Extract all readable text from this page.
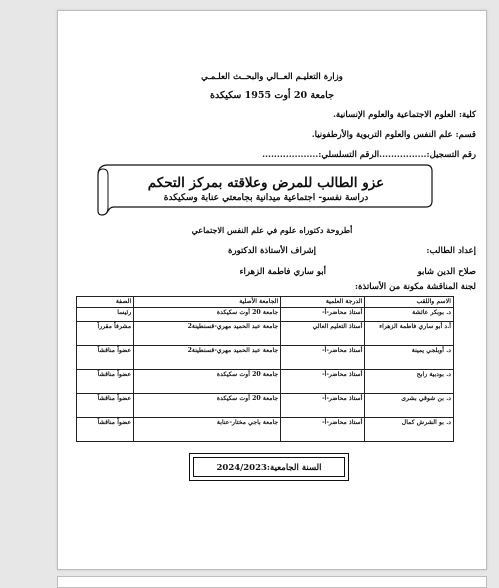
وزارة التعليـم العــالي والبحــث العلـمـي
جامعة 20 أوت 1955 سكيكدة
كلية: العلوم الاجتماعية والعلوم الإنسانية.
قسم: علم النفس والعلوم التربوية والأرطفونيا.
رقم التسجيل:................الرقم التسلسلي:...................
عزو الطالب للمرض وعلاقته بمركز التحكم
دراسة نفسو- اجتماعية ميدانية بجامعتي عنابة وسكيكدة
أطروحة دكتوراه علوم في علم النفس الاجتماعي
إعداد الطالب:
إشراف الأستاذة الدكتورة
صلاح الدين شابو
أبو ساري فاطمة الزهراء
لجنة المناقشة مكونة من الأساتذة:
الاسم واللقب	الدرجة العلمية	الجامعة الأصلية	الصفة
د. بوبكر عائشة	أستاذ محاضر-أ-	جامعة 20 أوت سكيكدة	رئيسا
أ.د أبو ساري فاطمة الزهراء	أستاذ التعليم العالي	جامعة عبد الحميد مهري-قسنطينة2	مشرفاً مقرراً
د. أوبلجي يمينة	أستاذ محاضر-أ-	جامعة عبد الحميد مهري-قسنطينة2	عضواً مناقشاً
د. بودبية رابح	أستاذ محاضر-أ-	جامعة 20 أوت سكيكدة	عضواً مناقشاً
د. بن شوقي بشرى	أستاذ محاضر-أ-	جامعة 20 أوت سكيكدة	عضواً مناقشاً
د. بو الشرش كمال	أستاذ محاضر-أ-	جامعة باجي مختار-عنابة	عضواً مناقشاً
السنة الجامعية:2024/2023
